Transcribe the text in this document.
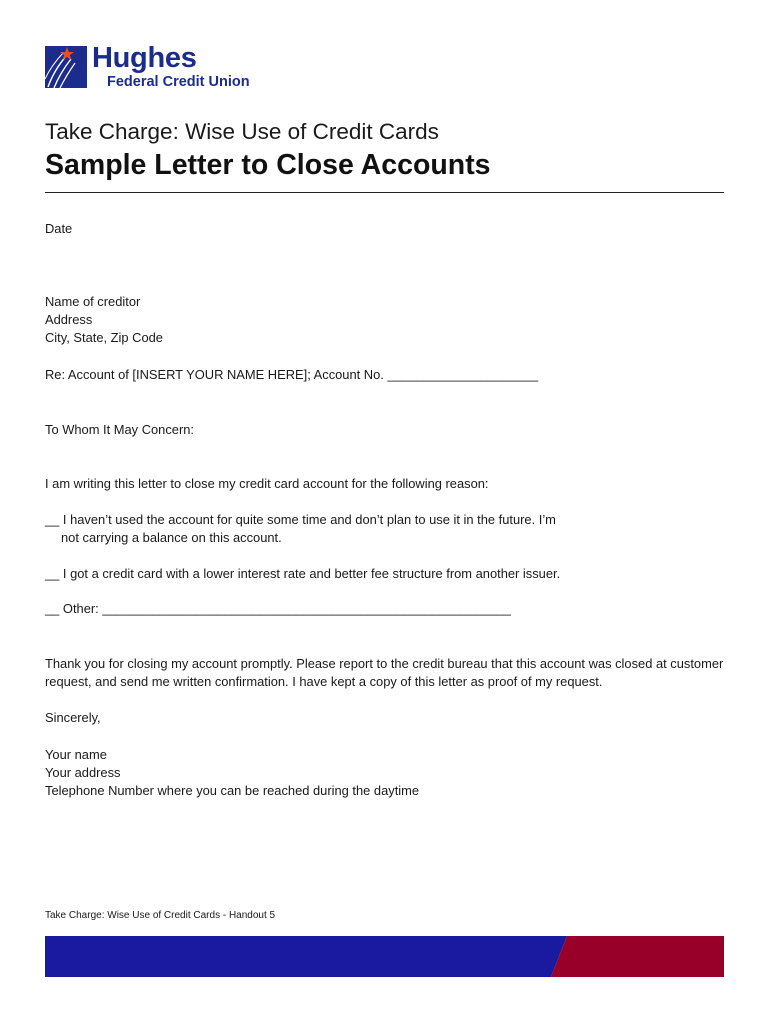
Hughes
Federal Credit Union
Take Charge: Wise Use of Credit Cards
Sample Letter to Close Accounts
Date
Name of creditor
Address
City, State, Zip Code
Re: Account of [INSERT YOUR NAME HERE]; Account No. _____________________
To Whom It May Concern:
I am writing this letter to close my credit card account for the following reason:
__ I haven’t used the account for quite some time and don’t plan to use it in the future. I’m
not carrying a balance on this account.
__ I got a credit card with a lower interest rate and better fee structure from another issuer.
__ Other: _________________________________________________________
Thank you for closing my account promptly. Please report to the credit bureau that this account was closed at customer
request, and send me written confirmation. I have kept a copy of this letter as proof of my request.
Sincerely,
Your name
Your address
Telephone Number where you can be reached during the daytime
Take Charge: Wise Use of Credit Cards - Handout 5
